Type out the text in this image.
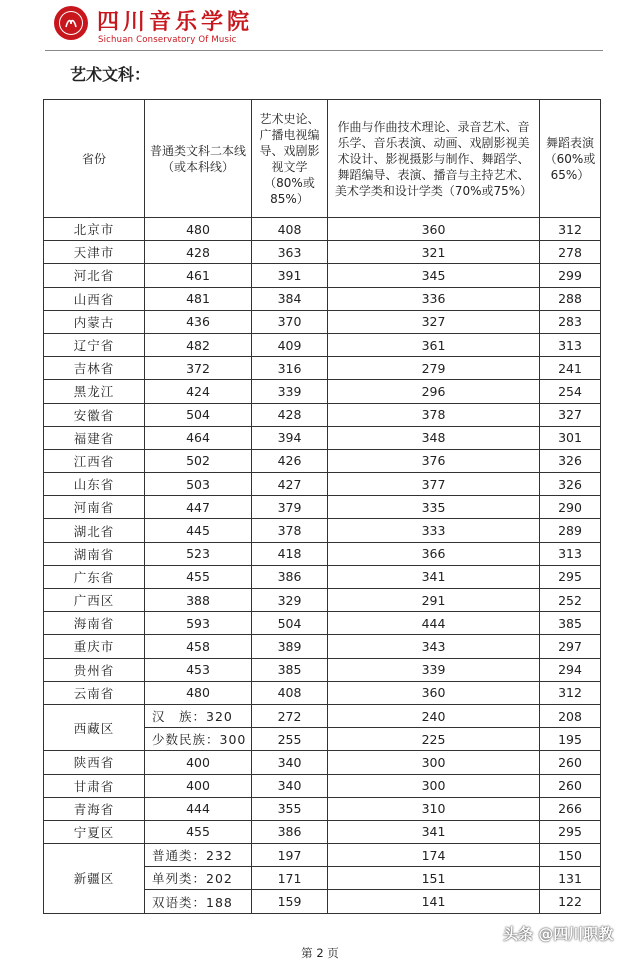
四川音乐学院
Sichuan Conservatory Of Music
艺术文科：
省份	普通类文科二本线（或本科线）	艺术史论、广播电视编导、戏剧影视文学（80%或85%）	作曲与作曲技术理论、录音艺术、音乐学、音乐表演、动画、戏剧影视美术设计、影视摄影与制作、舞蹈学、舞蹈编导、表演、播音与主持艺术、美术学类和设计学类（70%或75%）	舞蹈表演（60%或65%）
北京市	480	408	360	312
天津市	428	363	321	278
河北省	461	391	345	299
山西省	481	384	336	288
内蒙古	436	370	327	283
辽宁省	482	409	361	313
吉林省	372	316	279	241
黑龙江	424	339	296	254
安徽省	504	428	378	327
福建省	464	394	348	301
江西省	502	426	376	326
山东省	503	427	377	326
河南省	447	379	335	290
湖北省	445	378	333	289
湖南省	523	418	366	313
广东省	455	386	341	295
广西区	388	329	291	252
海南省	593	504	444	385
重庆市	458	389	343	297
贵州省	453	385	339	294
云南省	480	408	360	312
西藏区	汉　族：320	272	240	208
	少数民族：300	255	225	195
陕西省	400	340	300	260
甘肃省	400	340	300	260
青海省	444	355	310	266
宁夏区	455	386	341	295
新疆区	普通类：232	197	174	150
	单列类：202	171	151	131
	双语类：188	159	141	122
第 2 页
头条 @四川职教
